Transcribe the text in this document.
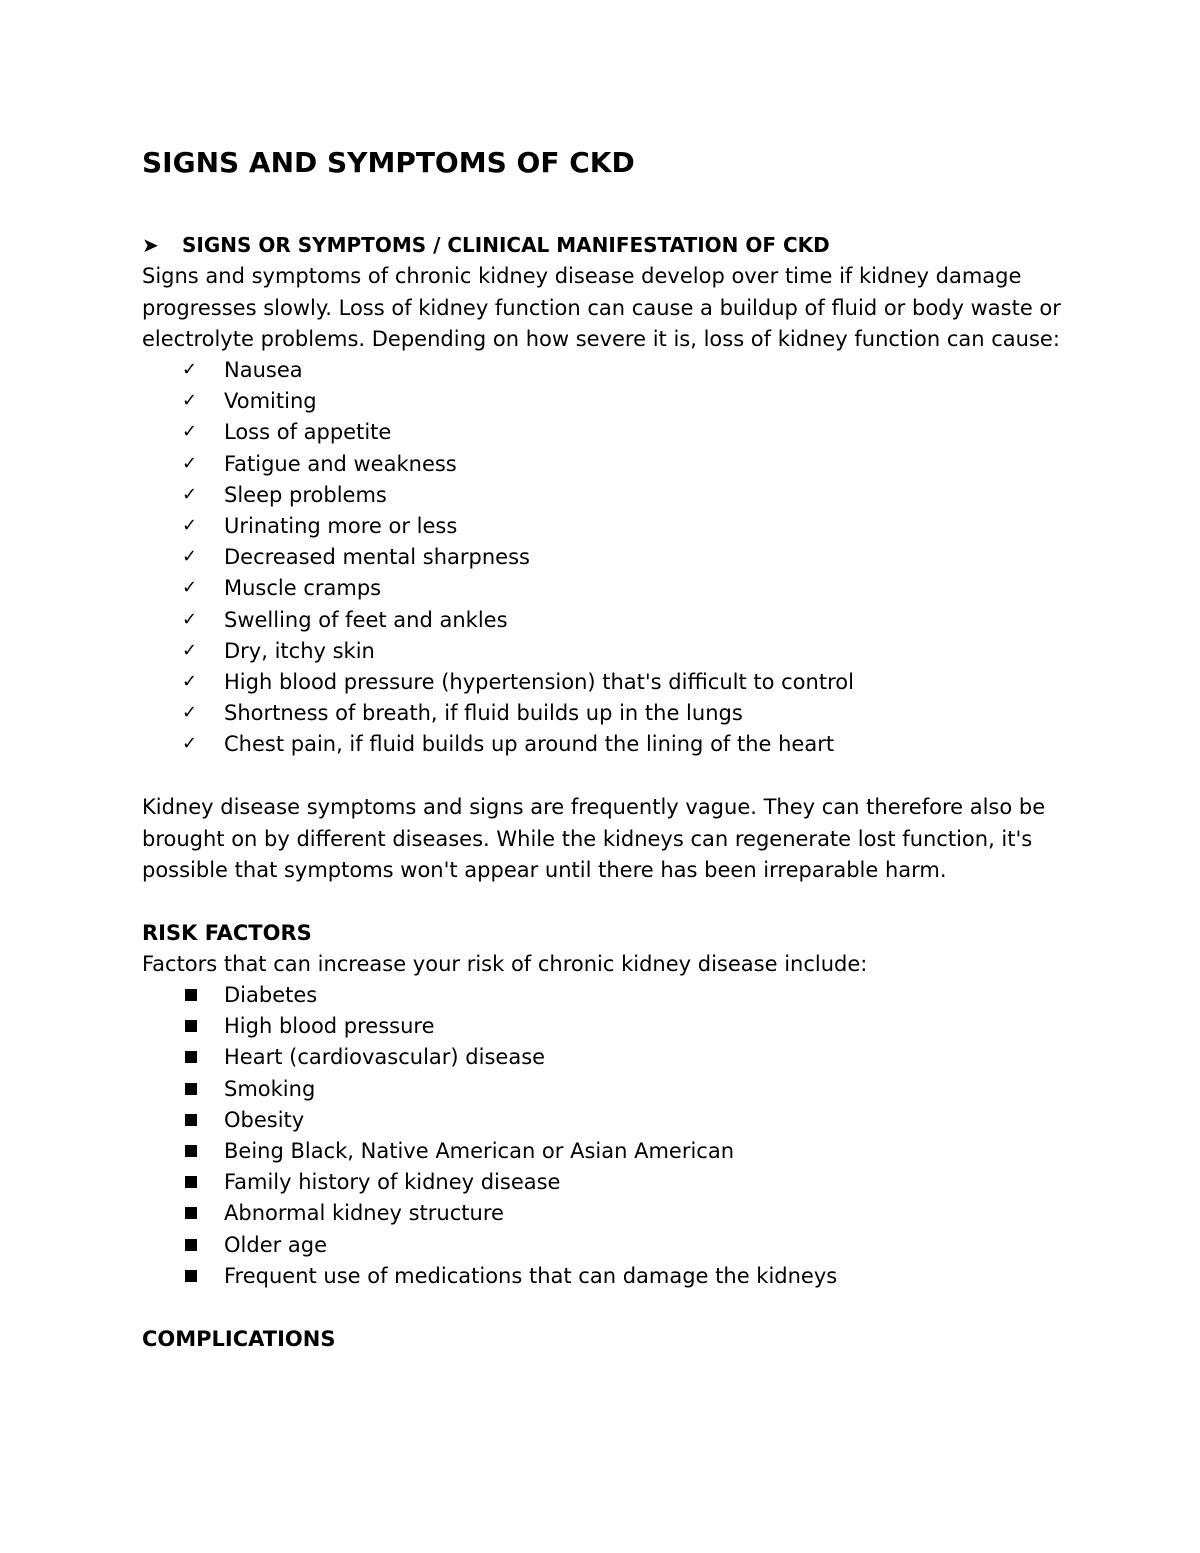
SIGNS AND SYMPTOMS OF CKD
➤ SIGNS OR SYMPTOMS / CLINICAL MANIFESTATION OF CKD

Signs and symptoms of chronic kidney disease develop over time if kidney damage
progresses slowly. Loss of kidney function can cause a buildup of fluid or body waste or
electrolyte problems. Depending on how severe it is, loss of kidney function can cause:

✓ Nausea
✓ Vomiting
✓ Loss of appetite
✓ Fatigue and weakness
✓ Sleep problems
✓ Urinating more or less
✓ Decreased mental sharpness
✓ Muscle cramps
✓ Swelling of feet and ankles
✓ Dry, itchy skin
✓ High blood pressure (hypertension) that's difficult to control
✓ Shortness of breath, if fluid builds up in the lungs
✓ Chest pain, if fluid builds up around the lining of the heart

Kidney disease symptoms and signs are frequently vague. They can therefore also be
brought on by different diseases. While the kidneys can regenerate lost function, it's
possible that symptoms won't appear until there has been irreparable harm.

RISK FACTORS

Factors that can increase your risk of chronic kidney disease include:

Diabetes
High blood pressure
Heart (cardiovascular) disease
Smoking
Obesity
Being Black, Native American or Asian American
Family history of kidney disease
Abnormal kidney structure
Older age
Frequent use of medications that can damage the kidneys
COMPLICATIONS
